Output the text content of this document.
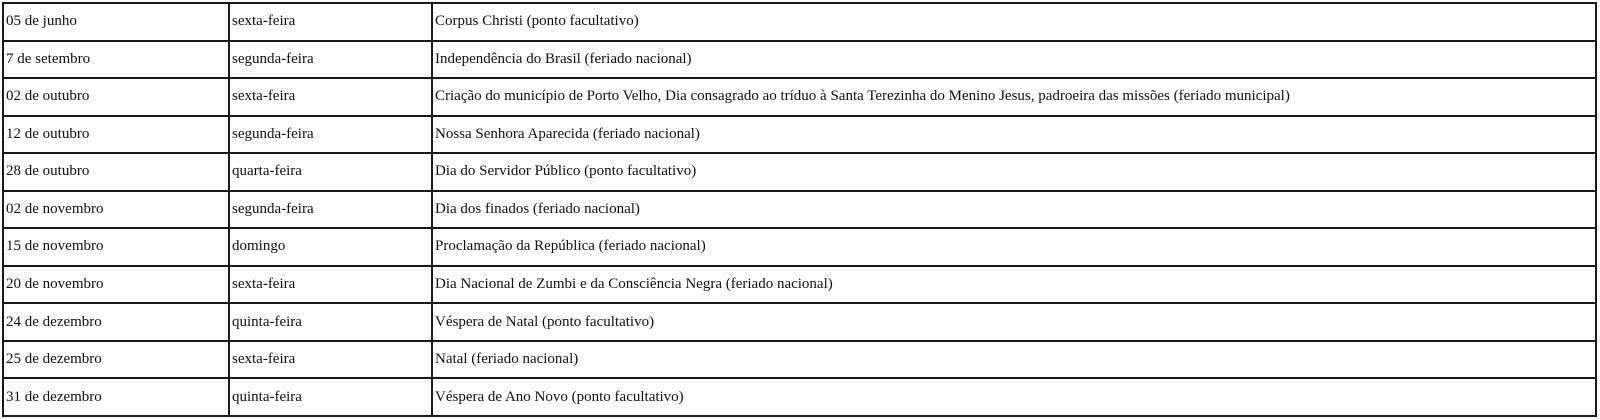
05 de junho	sexta-feira	Corpus Christi (ponto facultativo)
7 de setembro	segunda-feira	Independência do Brasil (feriado nacional)
02 de outubro	sexta-feira	Criação do município de Porto Velho, Dia consagrado ao tríduo à Santa Terezinha do Menino Jesus, padroeira das missões (feriado municipal)
12 de outubro	segunda-feira	Nossa Senhora Aparecida (feriado nacional)
28 de outubro	quarta-feira	Dia do Servidor Público (ponto facultativo)
02 de novembro	segunda-feira	Dia dos finados (feriado nacional)
15 de novembro	domingo	Proclamação da República (feriado nacional)
20 de novembro	sexta-feira	Dia Nacional de Zumbi e da Consciência Negra (feriado nacional)
24 de dezembro	quinta-feira	Véspera de Natal (ponto facultativo)
25 de dezembro	sexta-feira	Natal (feriado nacional)
31 de dezembro	quinta-feira	Véspera de Ano Novo (ponto facultativo)
